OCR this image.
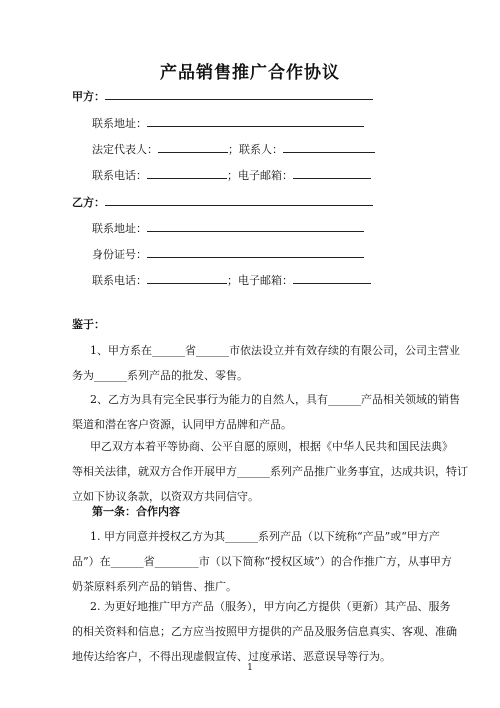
产品销售推广合作协议
甲方：
联系地址：
法定代表人：	；联系人：
联系电话：	；电子邮箱：
乙方：
联系地址：
身份证号：
联系电话：	；电子邮箱：
鉴于：
1、甲方系在______省______市依法设立并有效存续的有限公司，公司主营业
务为______系列产品的批发、零售。
2、乙方为具有完全民事行为能力的自然人，具有______产品相关领域的销售
渠道和潜在客户资源，认同甲方品牌和产品。
甲乙双方本着平等协商、公平自愿的原则，根据《中华人民共和国民法典》
等相关法律，就双方合作开展甲方______系列产品推广业务事宜，达成共识，特订
立如下协议条款，以资双方共同信守。
第一条：合作内容
1. 甲方同意并授权乙方为其______系列产品（以下统称“产品”或“甲方产
品”）在______省________市（以下简称“授权区域”）的合作推广方，从事甲方
奶茶原料系列产品的销售、推广。
2. 为更好地推广甲方产品（服务），甲方向乙方提供（更新）其产品、服务
的相关资料和信息；乙方应当按照甲方提供的产品及服务信息真实、客观、准确
地传达给客户，不得出现虚假宣传、过度承诺、恶意误导等行为。
1
